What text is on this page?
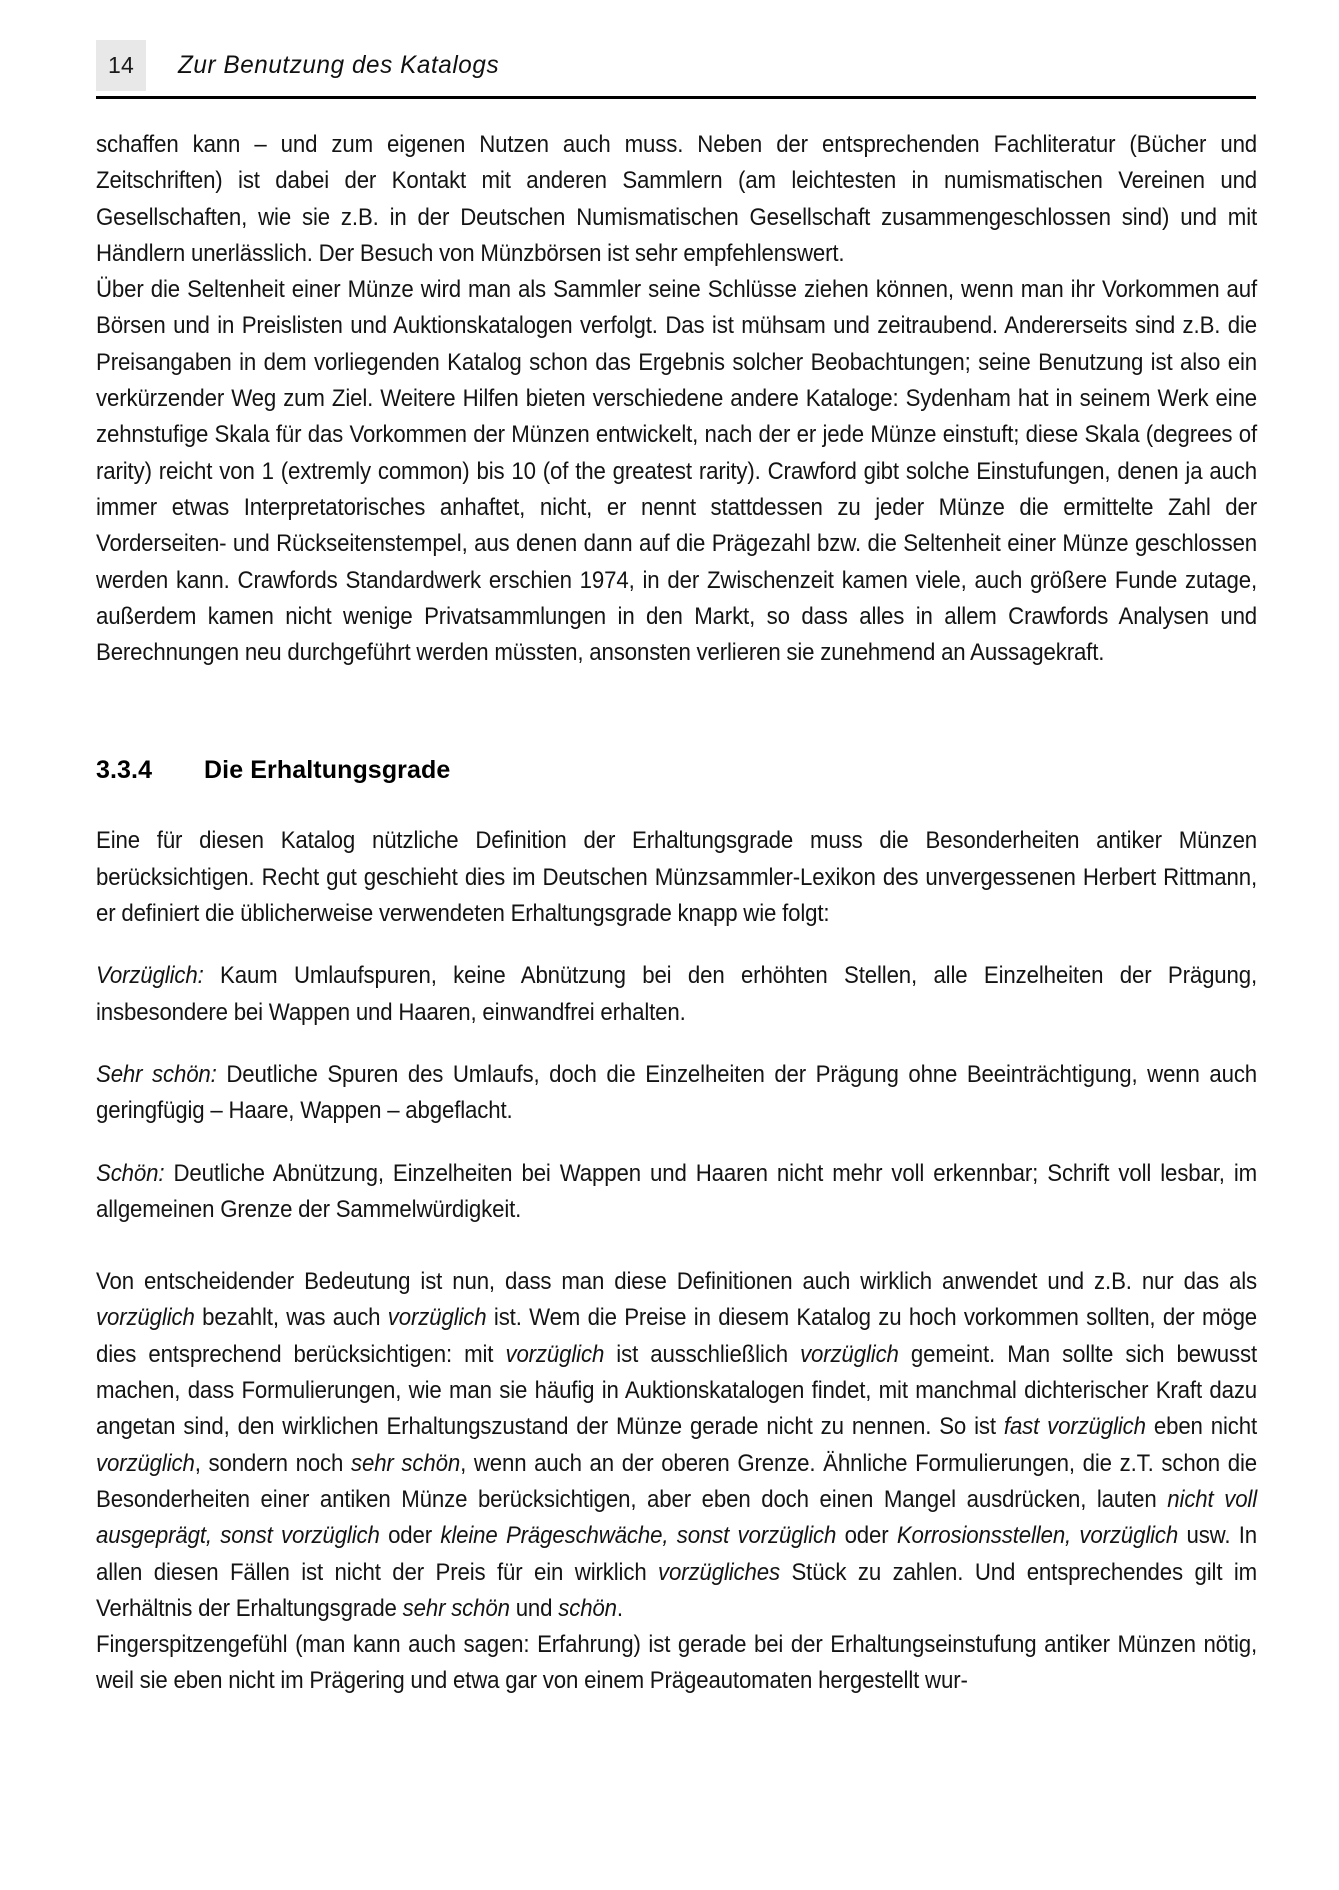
14	Zur Benutzung des Katalogs

schaffen kann – und zum eigenen Nutzen auch muss. Neben der entsprechenden Fachliteratur (Bücher und Zeitschriften) ist dabei der Kontakt mit anderen Sammlern (am leichtesten in numismatischen Vereinen und Gesellschaften, wie sie z.B. in der Deutschen Numismatischen Gesellschaft zusammengeschlossen sind) und mit Händlern unerlässlich. Der Besuch von Münzbörsen ist sehr empfehlenswert.

Über die Seltenheit einer Münze wird man als Sammler seine Schlüsse ziehen können, wenn man ihr Vorkommen auf Börsen und in Preislisten und Auktionskatalogen verfolgt. Das ist mühsam und zeitraubend. Andererseits sind z.B. die Preisangaben in dem vorliegenden Katalog schon das Ergebnis solcher Beobachtungen; seine Benutzung ist also ein verkürzender Weg zum Ziel. Weitere Hilfen bieten verschiedene andere Kataloge: Sydenham hat in seinem Werk eine zehnstufige Skala für das Vorkommen der Münzen entwickelt, nach der er jede Münze einstuft; diese Skala (degrees of rarity) reicht von 1 (extremly common) bis 10 (of the greatest rarity). Crawford gibt solche Einstufungen, denen ja auch immer etwas Interpretatorisches anhaftet, nicht, er nennt stattdessen zu jeder Münze die ermittelte Zahl der Vorderseiten- und Rückseitenstempel, aus denen dann auf die Prägezahl bzw. die Seltenheit einer Münze geschlossen werden kann. Crawfords Standardwerk erschien 1974, in der Zwischenzeit kamen viele, auch größere Funde zutage, außerdem kamen nicht wenige Privatsammlungen in den Markt, so dass alles in allem Crawfords Analysen und Berechnungen neu durchgeführt werden müssten, ansonsten verlieren sie zunehmend an Aussagekraft.

3.3.4 Die Erhaltungsgrade

Eine für diesen Katalog nützliche Definition der Erhaltungsgrade muss die Besonderheiten antiker Münzen berücksichtigen. Recht gut geschieht dies im Deutschen Münzsammler-Lexikon des unvergessenen Herbert Rittmann, er definiert die üblicherweise verwendeten Erhaltungsgrade knapp wie folgt:

Vorzüglich: Kaum Umlaufspuren, keine Abnützung bei den erhöhten Stellen, alle Einzelheiten der Prägung, insbesondere bei Wappen und Haaren, einwandfrei erhalten.

Sehr schön: Deutliche Spuren des Umlaufs, doch die Einzelheiten der Prägung ohne Beeinträchtigung, wenn auch geringfügig – Haare, Wappen – abgeflacht.

Schön: Deutliche Abnützung, Einzelheiten bei Wappen und Haaren nicht mehr voll erkennbar; Schrift voll lesbar, im allgemeinen Grenze der Sammelwürdigkeit.

Von entscheidender Bedeutung ist nun, dass man diese Definitionen auch wirklich anwendet und z.B. nur das als vorzüglich bezahlt, was auch vorzüglich ist. Wem die Preise in diesem Katalog zu hoch vorkommen sollten, der möge dies entsprechend berücksichtigen: mit vorzüglich ist ausschließlich vorzüglich gemeint. Man sollte sich bewusst machen, dass Formulierungen, wie man sie häufig in Auktionskatalogen findet, mit manchmal dichterischer Kraft dazu angetan sind, den wirklichen Erhaltungszustand der Münze gerade nicht zu nennen. So ist fast vorzüglich eben nicht vorzüglich, sondern noch sehr schön, wenn auch an der oberen Grenze. Ähnliche Formulierungen, die z.T. schon die Besonderheiten einer antiken Münze berücksichtigen, aber eben doch einen Mangel ausdrücken, lauten nicht voll ausgeprägt, sonst vorzüglich oder kleine Prägeschwäche, sonst vorzüglich oder Korrosionsstellen, vorzüglich usw. In allen diesen Fällen ist nicht der Preis für ein wirklich vorzügliches Stück zu zahlen. Und entsprechendes gilt im Verhältnis der Erhaltungsgrade sehr schön und schön.

Fingerspitzengefühl (man kann auch sagen: Erfahrung) ist gerade bei der Erhaltungseinstufung antiker Münzen nötig, weil sie eben nicht im Prägering und etwa gar von einem Prägeautomaten hergestellt wur-
